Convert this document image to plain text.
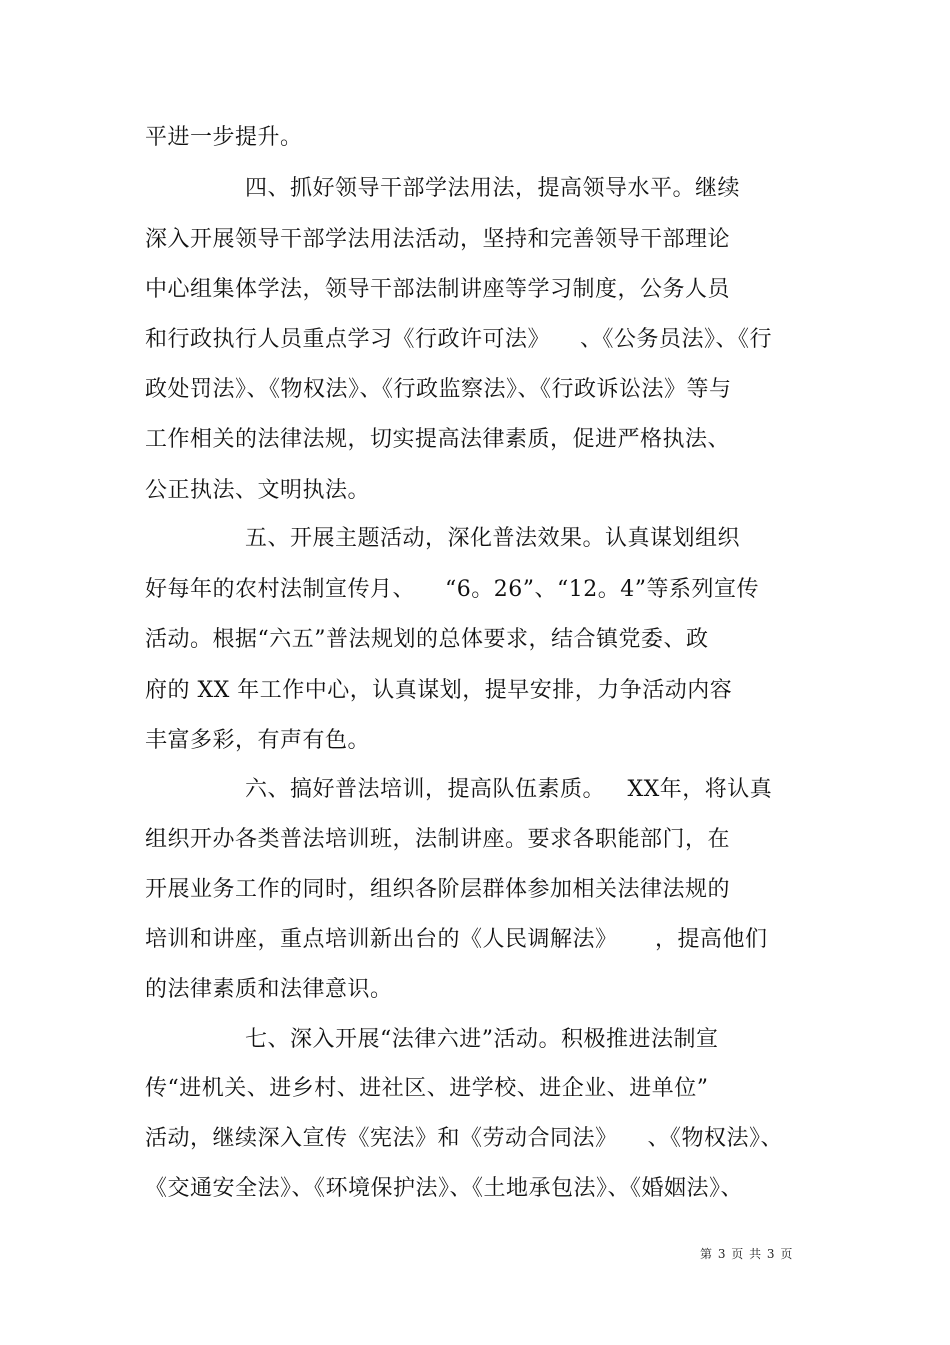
平进一步提升。
四、抓好领导干部学法用法，提高领导水平。继续
深入开展领导干部学法用法活动，坚持和完善领导干部理论
中心组集体学法，领导干部法制讲座等学习制度，公务人员
和行政执行人员重点学习《行政许可法》    、《公务员法》、《行
政处罚法》、《物权法》、《行政监察法》、《行政诉讼法》等与
工作相关的法律法规，切实提高法律素质，促进严格执法、
公正执法、文明执法。
五、开展主题活动，深化普法效果。认真谋划组织
好每年的农村法制宣传月、    “6。26”、“12。4”等系列宣传
活动。根据“六五”普法规划的总体要求，结合镇党委、政
府的 XX 年工作中心，认真谋划，提早安排，力争活动内容
丰富多彩，有声有色。
六、搞好普法培训，提高队伍素质。   XX年，将认真
组织开办各类普法培训班，法制讲座。要求各职能部门，在
开展业务工作的同时，组织各阶层群体参加相关法律法规的
培训和讲座，重点培训新出台的《人民调解法》     ，提高他们
的法律素质和法律意识。
七、深入开展“法律六进”活动。积极推进法制宣
传“进机关、进乡村、进社区、进学校、进企业、进单位”
活动，继续深入宣传《宪法》和《劳动合同法》    、《物权法》、
《交通安全法》、《环境保护法》、《土地承包法》、《婚姻法》、
第 3 页 共 3 页
